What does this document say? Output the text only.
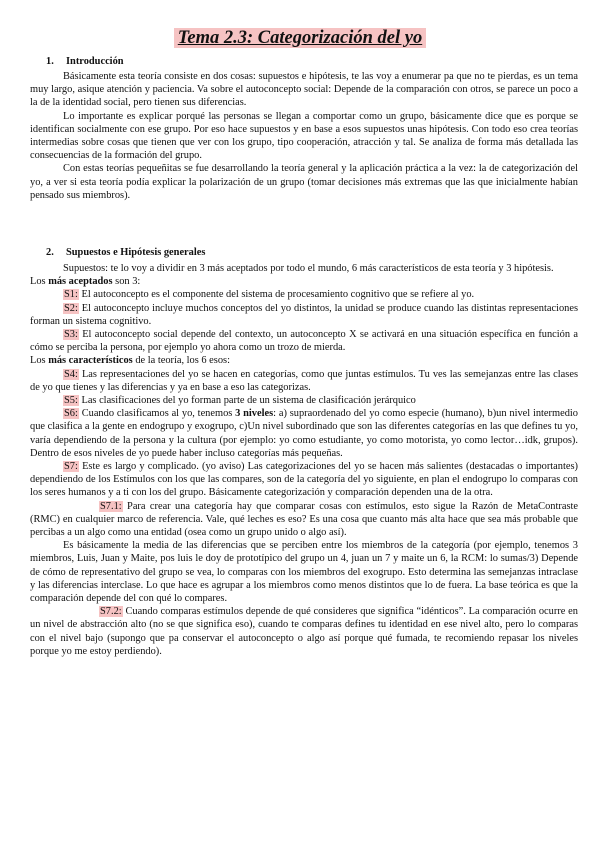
Tema 2.3: Categorización del yo
1. Introducción

Básicamente esta teoría consiste en dos cosas: supuestos e hipótesis, te las voy a enumerar pa que no te pierdas, es un tema muy largo, asique atención y paciencia. Va sobre el autoconcepto social: Depende de la comparación con otros, se parece un poco a la de la identidad social, pero tienen sus diferencias.

Lo importante es explicar porqué las personas se llegan a comportar como un grupo, básicamente dice que es porque se identifican socialmente con ese grupo. Por eso hace supuestos y en base a esos supuestos unas hipótesis. Con todo eso crea teorías intermedias sobre cosas que tienen que ver con los grupo, tipo cooperación, atracción y tal. Se analiza de forma más detallada las consecuencias de la formación del grupo.

Con estas teorías pequeñitas se fue desarrollando la teoría general y la aplicación práctica a la vez: la de categorización del yo, a ver si esta teoría podía explicar la polarización de un grupo (tomar decisiones más extremas que las que inicialmente habían pensado sus miembros).

2. Supuestos e Hipótesis generales

Supuestos: te lo voy a dividir en 3 más aceptados por todo el mundo, 6 más característicos de esta teoría y 3 hipótesis.

Los más aceptados son 3:

S1: El autoconcepto es el componente del sistema de procesamiento cognitivo que se refiere al yo.

S2: El autoconcepto incluye muchos conceptos del yo distintos, la unidad se produce cuando las distintas representaciones forman un sistema cognitivo.

S3: El autoconcepto social depende del contexto, un autoconcepto X se activará en una situación específica en función a cómo se perciba la persona, por ejemplo yo ahora como un trozo de mierda.

Los más característicos de la teoría, los 6 esos:

S4: Las representaciones del yo se hacen en categorías, como que juntas estímulos. Tu ves las semejanzas entre las clases de yo que tienes y las diferencias y ya en base a eso las categorizas.

S5: Las clasificaciones del yo forman parte de un sistema de clasificación jerárquico

S6: Cuando clasificamos al yo, tenemos 3 niveles: a) supraordenado del yo como especie (humano), b)un nivel intermedio que clasifica a la gente en endogrupo y exogrupo, c)Un nivel subordinado que son las diferentes categorías en las que defines tu yo, varía dependiendo de la persona y la cultura (por ejemplo: yo como estudiante, yo como motorista, yo como lector…idk, grupos). Dentro de esos niveles de yo puede haber incluso categorías más pequeñas.

S7: Este es largo y complicado. (yo aviso) Las categorizaciones del yo se hacen más salientes (destacadas o importantes) dependiendo de los Estímulos con los que las compares, son de la categoría del yo siguiente, en plan el endogrupo lo comparas con los seres humanos y a ti con los del grupo. Básicamente categorización y comparación dependen una de la otra.

S7.1: Para crear una categoría hay que comparar cosas con estímulos, esto sigue la Razón de MetaContraste (RMC) en cualquier marco de referencia. Vale, qué leches es eso? Es una cosa que cuanto más alta hace que sea más probable que percibas a un algo como una entidad (osea como un grupo unido o algo así).

Es básicamente la media de las diferencias que se perciben entre los miembros de la categoría (por ejemplo, tenemos 3 miembros, Luis, Juan y Maite, pos luis le doy de prototípico del grupo un 4, juan un 7 y maite un 6, la RCM: lo sumas/3) Depende de cómo de representativo del grupo se vea, lo comparas con los miembros del exogrupo. Esto determina las semejanzas intraclase y las diferencias interclase. Lo que hace es agrupar a los miembros como menos distintos que lo de fuera. La base teórica es que la comparación depende del con qué lo compares.

S7.2: Cuando comparas estímulos depende de qué consideres que significa “idénticos”. La comparación ocurre en un nivel de abstracción alto (no se que significa eso), cuando te comparas defines tu identidad en ese nivel alto, pero lo comparas con el nivel bajo (supongo que pa conservar el autoconcepto o algo así porque qué fumada, te recomiendo repasar los niveles porque yo me estoy perdiendo).
